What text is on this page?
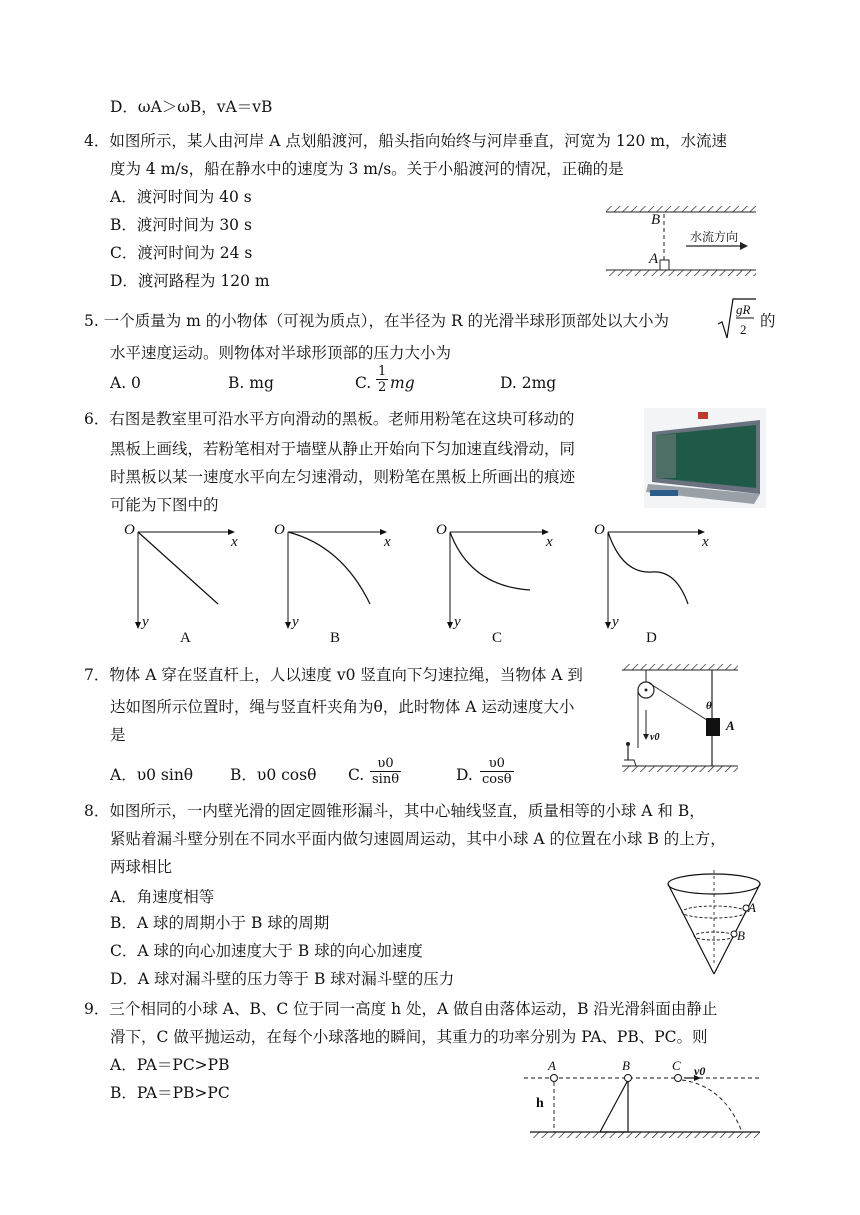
D．ωA＞ωB，vA＝vB
4．如图所示，某人由河岸 A 点划船渡河，船头指向始终与河岸垂直，河宽为 120 m，水流速
度为 4 m/s，船在静水中的速度为 3 m/s。关于小船渡河的情况，正确的是
A．渡河时间为 40 s
B．渡河时间为 30 s
C．渡河时间为 24 s
D．渡河路程为 120 m
B
A
水流方向
5. 一个质量为 m 的小物体（可视为质点），在半径为 R 的光滑半球形顶部处以大小为
gR
2 的
水平速度运动。则物体对半球形顶部的压力大小为
A. 0	B. mg	C. $\frac{1}{2}$ mg	D. 2mg
6．右图是教室里可沿水平方向滑动的黑板。老师用粉笔在这块可移动的
黑板上画线，若粉笔相对于墙壁从静止开始向下匀加速直线滑动，同
时黑板以某一速度水平向左匀速滑动，则粉笔在黑板上所画出的痕迹
可能为下图中的
O
x
y
A
O
x
y
B
O
x
y
C
O
x
y
D
7．物体 A 穿在竖直杆上，人以速度 v0 竖直向下匀速拉绳，当物体 A 到
达如图所示位置时，绳与竖直杆夹角为θ，此时物体 A 运动速度大小
是
A．υ0 sinθ B．υ0 cosθ C. $\frac{\upsilon 0}{\sin\theta}$	D. $\frac{\upsilon 0}{\cos\theta}$
θ
A
v0
8．如图所示，一内壁光滑的固定圆锥形漏斗，其中心轴线竖直，质量相等的小球 A 和 B，
紧贴着漏斗壁分别在不同水平面内做匀速圆周运动，其中小球 A 的位置在小球 B 的上方，
两球相比
A．角速度相等
B．A 球的周期小于 B 球的周期
C．A 球的向心加速度大于 B 球的向心加速度
D．A 球对漏斗壁的压力等于 B 球对漏斗壁的压力
A
B
9．三个相同的小球 A、B、C 位于同一高度 h 处，A 做自由落体运动，B 沿光滑斜面由静止
滑下，C 做平抛运动，在每个小球落地的瞬间，其重力的功率分别为 PA、PB、PC。则
A．PA＝PC>PB
B．PA＝PB>PC
A	B	C v0
h
